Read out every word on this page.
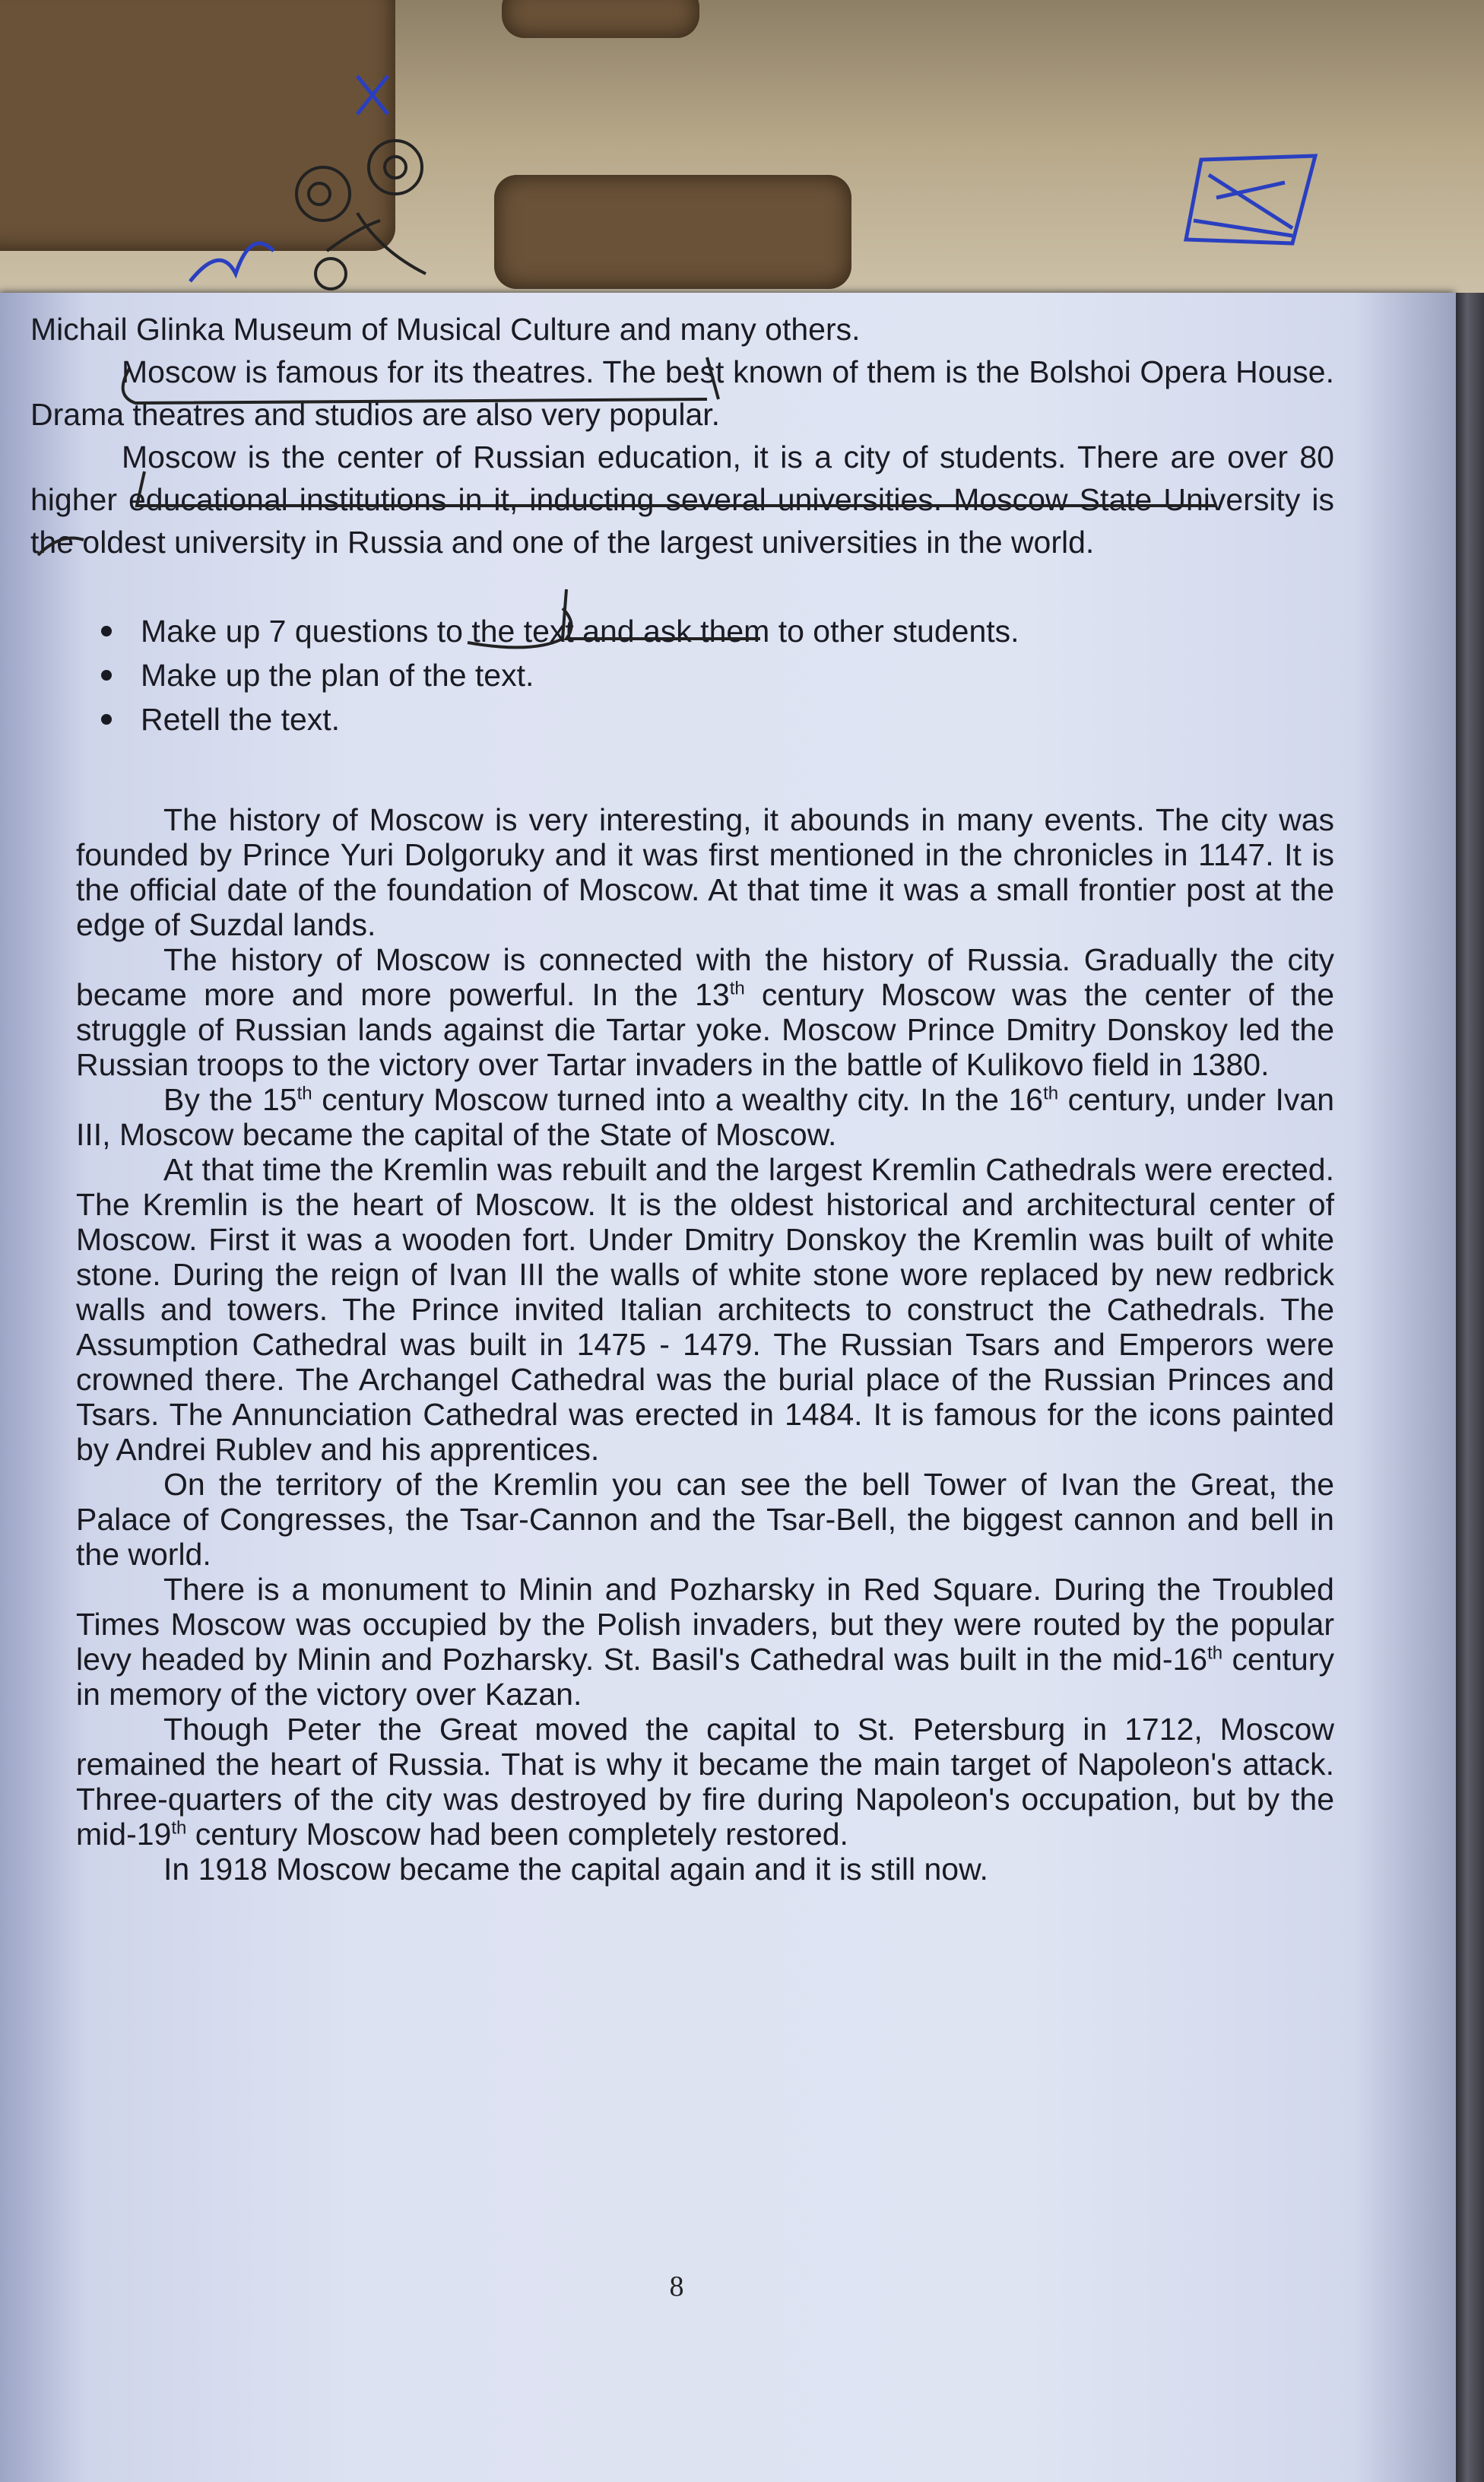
Michail Glinka Museum of Musical Culture and many others.

Moscow is famous for its theatres. The best known of them is the Bolshoi Opera House. Drama theatres and studios are also very popular.

Moscow is the center of Russian education, it is a city of students. There are over 80 higher educational institutions in it, inducting several universities. Moscow State University is the oldest university in Russia and one of the largest universities in the world.

Make up 7 questions to the text and ask them to other students.
Make up the plan of the text.
Retell the text.

The history of Moscow is very interesting, it abounds in many events. The city was founded by Prince Yuri Dolgoruky and it was first mentioned in the chronicles in 1147. It is the official date of the foundation of Moscow. At that time it was a small frontier post at the edge of Suzdal lands.

The history of Moscow is connected with the history of Russia. Gradually the city became more and more powerful. In the 13th century Moscow was the center of the struggle of Russian lands against die Tartar yoke. Moscow Prince Dmitry Donskoy led the Russian troops to the victory over Tartar invaders in the battle of Kulikovo field in 1380.

By the 15th century Moscow turned into a wealthy city. In the 16th century, under Ivan III, Moscow became the capital of the State of Moscow.

At that time the Kremlin was rebuilt and the largest Kremlin Cathedrals were erected. The Kremlin is the heart of Moscow. It is the oldest historical and architectural center of Moscow. First it was a wooden fort. Under Dmitry Donskoy the Kremlin was built of white stone. During the reign of Ivan III the walls of white stone wore replaced by new redbrick walls and towers. The Prince invited Italian architects to construct the Cathedrals. The Assumption Cathedral was built in 1475 - 1479. The Russian Tsars and Emperors were crowned there. The Archangel Cathedral was the burial place of the Russian Princes and Tsars. The Annunciation Cathedral was erected in 1484. It is famous for the icons painted by Andrei Rublev and his apprentices.

On the territory of the Kremlin you can see the bell Tower of Ivan the Great, the Palace of Congresses, the Tsar-Cannon and the Tsar-Bell, the biggest cannon and bell in the world.

There is a monument to Minin and Pozharsky in Red Square. During the Troubled Times Moscow was occupied by the Polish invaders, but they were routed by the popular levy headed by Minin and Pozharsky. St. Basil's Cathedral was built in the mid-16th century in memory of the victory over Kazan.

Though Peter the Great moved the capital to St. Petersburg in 1712, Moscow remained the heart of Russia. That is why it became the main target of Napoleon's attack. Three-quarters of the city was destroyed by fire during Napoleon's occupation, but by the mid-19th century Moscow had been completely restored.

In 1918 Moscow became the capital again and it is still now.

8
